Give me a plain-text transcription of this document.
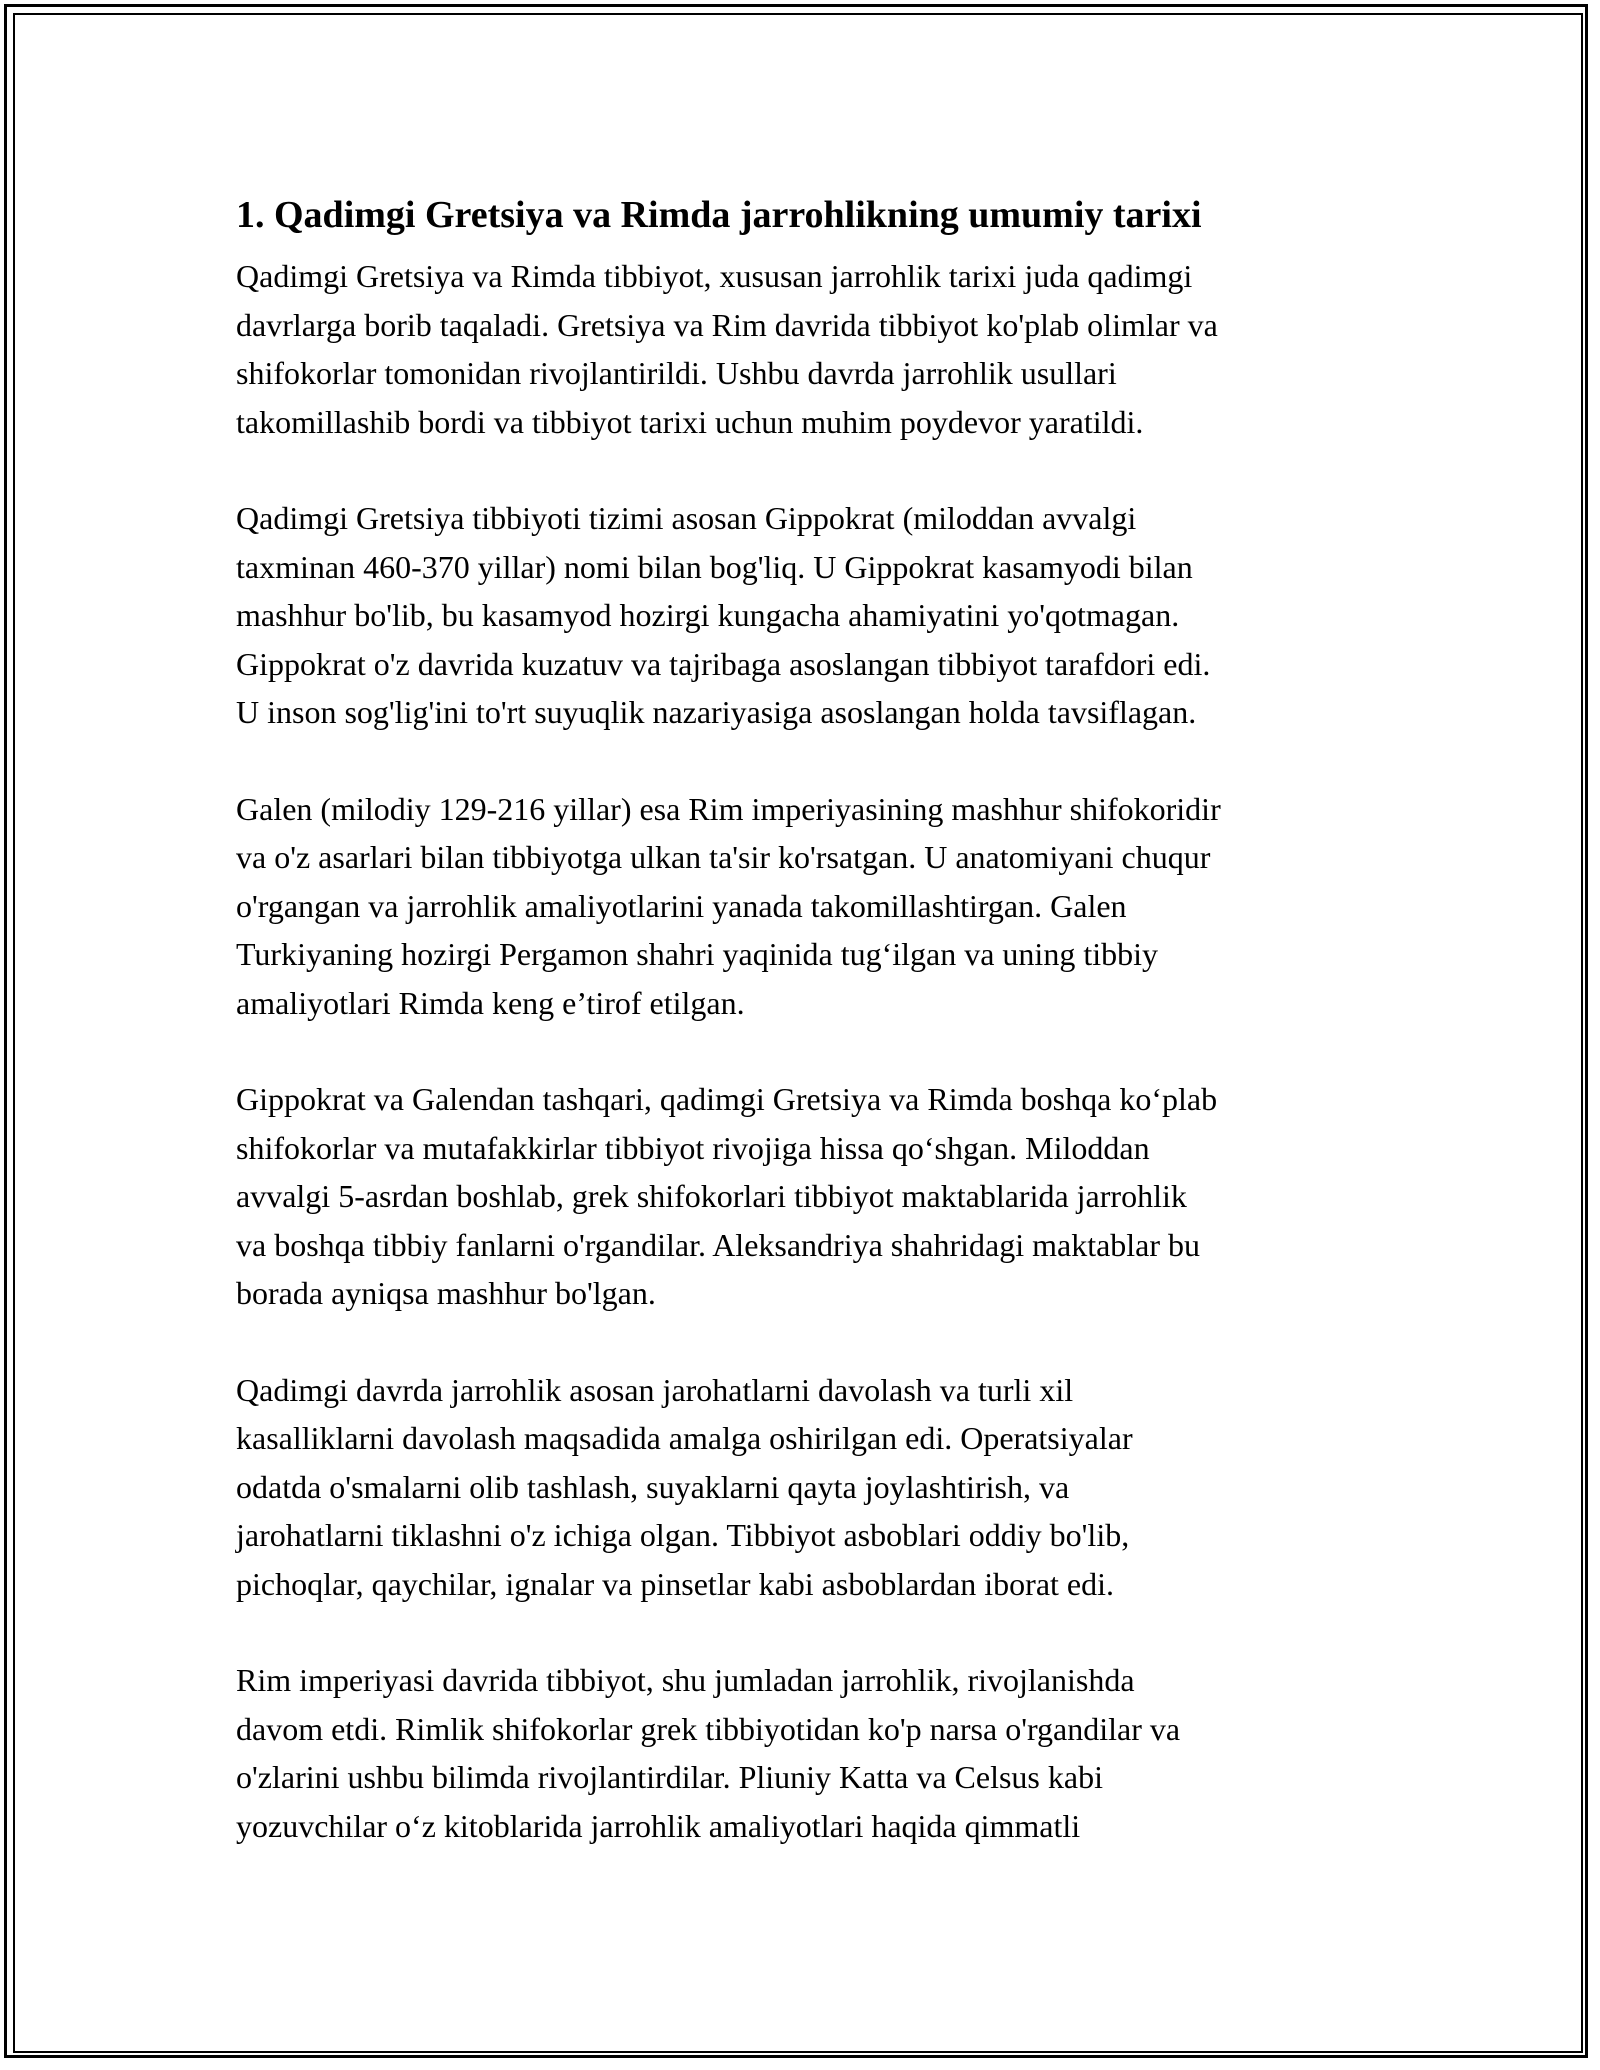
1. Qadimgi Gretsiya va Rimda jarrohlikning umumiy tarixi

Qadimgi Gretsiya va Rimda tibbiyot, xususan jarrohlik tarixi juda qadimgi
davrlarga borib taqaladi. Gretsiya va Rim davrida tibbiyot ko'plab olimlar va
shifokorlar tomonidan rivojlantirildi. Ushbu davrda jarrohlik usullari
takomillashib bordi va tibbiyot tarixi uchun muhim poydevor yaratildi.

Qadimgi Gretsiya tibbiyoti tizimi asosan Gippokrat (miloddan avvalgi
taxminan 460-370 yillar) nomi bilan bog'liq. U Gippokrat kasamyodi bilan
mashhur bo'lib, bu kasamyod hozirgi kungacha ahamiyatini yo'qotmagan.
Gippokrat o'z davrida kuzatuv va tajribaga asoslangan tibbiyot tarafdori edi.
U inson sog'lig'ini to'rt suyuqlik nazariyasiga asoslangan holda tavsiflagan.

Galen (milodiy 129-216 yillar) esa Rim imperiyasining mashhur shifokoridir
va o'z asarlari bilan tibbiyotga ulkan ta'sir ko'rsatgan. U anatomiyani chuqur
o'rgangan va jarrohlik amaliyotlarini yanada takomillashtirgan. Galen
Turkiyaning hozirgi Pergamon shahri yaqinida tug‘ilgan va uning tibbiy
amaliyotlari Rimda keng e’tirof etilgan.

Gippokrat va Galendan tashqari, qadimgi Gretsiya va Rimda boshqa ko‘plab
shifokorlar va mutafakkirlar tibbiyot rivojiga hissa qo‘shgan. Miloddan
avvalgi 5-asrdan boshlab, grek shifokorlari tibbiyot maktablarida jarrohlik
va boshqa tibbiy fanlarni o'rgandilar. Aleksandriya shahridagi maktablar bu
borada ayniqsa mashhur bo'lgan.

Qadimgi davrda jarrohlik asosan jarohatlarni davolash va turli xil
kasalliklarni davolash maqsadida amalga oshirilgan edi. Operatsiyalar
odatda o'smalarni olib tashlash, suyaklarni qayta joylashtirish, va
jarohatlarni tiklashni o'z ichiga olgan. Tibbiyot asboblari oddiy bo'lib,
pichoqlar, qaychilar, ignalar va pinsetlar kabi asboblardan iborat edi.

Rim imperiyasi davrida tibbiyot, shu jumladan jarrohlik, rivojlanishda
davom etdi. Rimlik shifokorlar grek tibbiyotidan ko'p narsa o'rgandilar va
o'zlarini ushbu bilimda rivojlantirdilar. Pliuniy Katta va Celsus kabi
yozuvchilar o‘z kitoblarida jarrohlik amaliyotlari haqida qimmatli
